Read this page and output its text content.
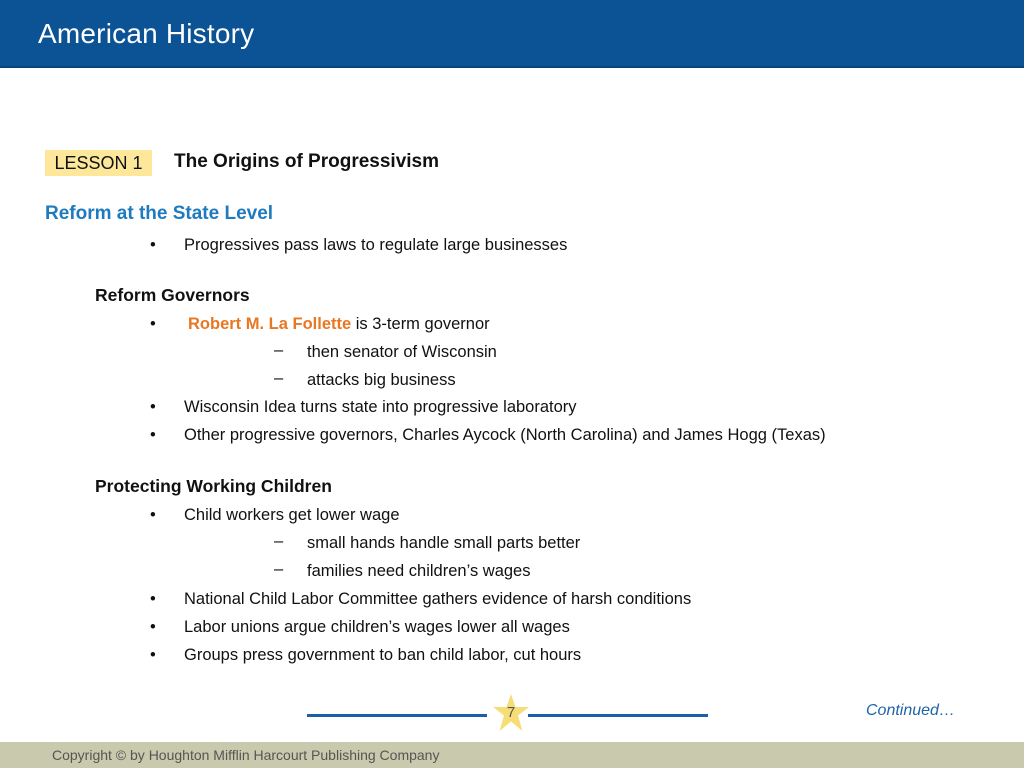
American History
LESSON 1	The Origins of Progressivism
Reform at the State Level
•	Progressives pass laws to regulate large businesses
Reform Governors
•	Robert M. La Follette is 3-term governor
– then senator of Wisconsin
– attacks big business
•	Wisconsin Idea turns state into progressive laboratory
•	Other progressive governors, Charles Aycock (North Carolina) and James Hogg (Texas)
Protecting Working Children
•	Child workers get lower wage
– small hands handle small parts better
– families need children’s wages
•	National Child Labor Committee gathers evidence of harsh conditions
•	Labor unions argue children’s wages lower all wages
•	Groups press government to ban child labor, cut hours
7	Continued…
Copyright © by Houghton Mifflin Harcourt Publishing Company
